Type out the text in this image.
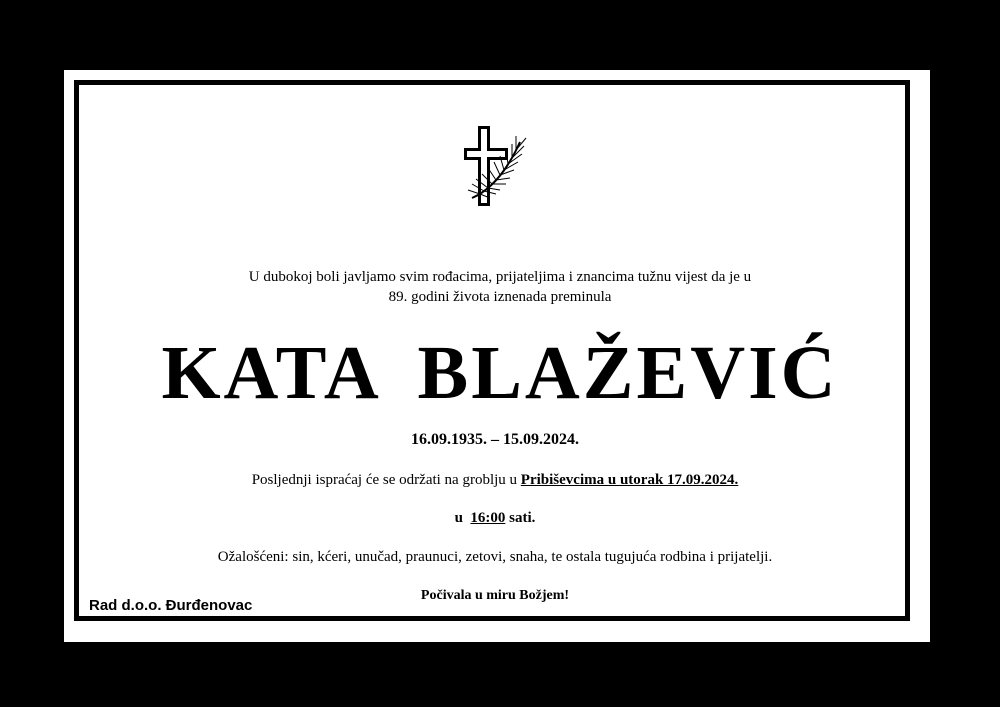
U dubokoj boli javljamo svim rođacima, prijateljima i znancima tužnu vijest da je u
89. godini života iznenada preminula
KATA BLAŽEVIĆ
16.09.1935. – 15.09.2024.
Posljednji ispraćaj će se održati na groblju u Pribiševcima u utorak 17.09.2024.
u 16:00 sati.
Ožalošćeni: sin, kćeri, unučad, praunuci, zetovi, snaha, te ostala tugujuća rodbina i prijatelji.
Počivala u miru Božjem!
Rad d.o.o. Đurđenovac
